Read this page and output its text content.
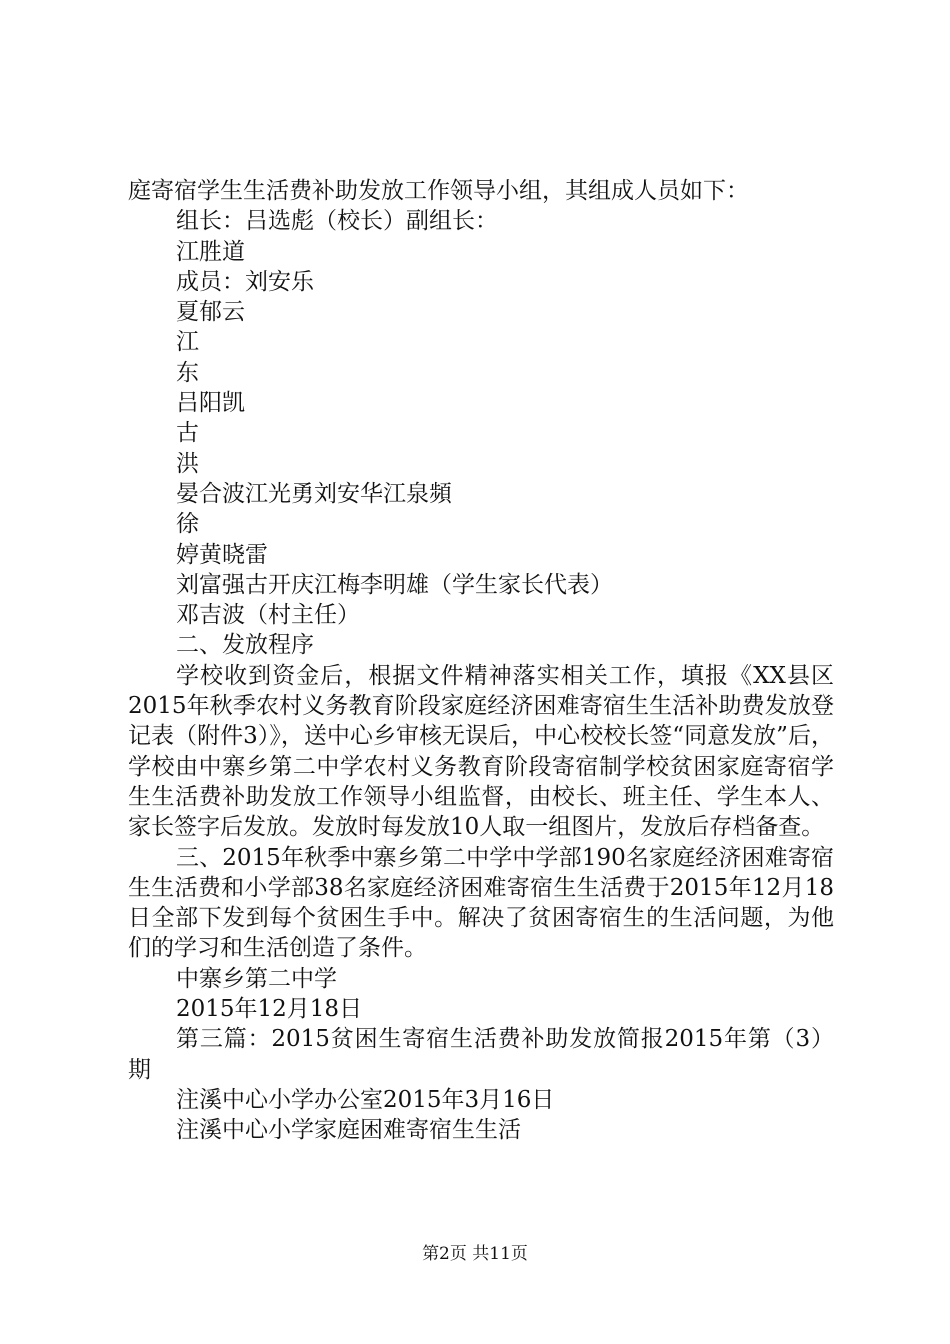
庭寄宿学生生活费补助发放工作领导小组，其组成人员如下：
组长：吕选彪（校长）副组长：
江胜道
成员：刘安乐
夏郁云
江
东
吕阳凯
古
洪
晏合波江光勇刘安华江泉頻
徐
婷黄晓雷
刘富强古开庆江梅李明雄（学生家长代表）
邓吉波（村主任）
二、发放程序
学校收到资金后，根据文件精神落实相关工作，填报《XX县区2015年秋季农村义务教育阶段家庭经济困难寄宿生生活补助费发放登记表（附件3）》，送中心乡审核无误后，中心校校长签“同意发放”后，学校由中寨乡第二中学农村义务教育阶段寄宿制学校贫困家庭寄宿学生生活费补助发放工作领导小组监督，由校长、班主任、学生本人、家长签字后发放。发放时每发放10人取一组图片，发放后存档备查。
三、2015年秋季中寨乡第二中学中学部190名家庭经济困难寄宿生生活费和小学部38名家庭经济困难寄宿生生活费于2015年12月18日全部下发到每个贫困生手中。解决了贫困寄宿生的生活问题，为他们的学习和生活创造了条件。
中寨乡第二中学
2015年12月18日
第三篇：2015贫困生寄宿生活费补助发放简报2015年第（3）期
注溪中心小学办公室2015年3月16日
注溪中心小学家庭困难寄宿生生活
第2页 共11页
